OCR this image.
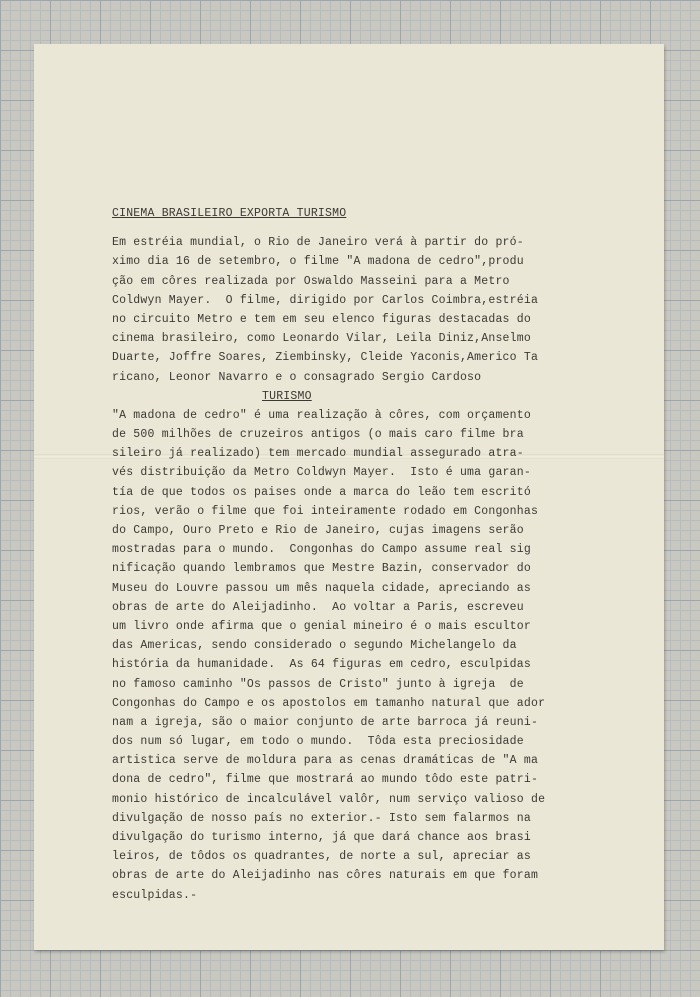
CINEMA BRASILEIRO EXPORTA TURISMO
Em estréia mundial, o Rio de Janeiro verá à partir do pró-
ximo dia 16 de setembro, o filme "A madona de cedro",produ
ção em côres realizada por Oswaldo Masseini para a Metro
Coldwyn Mayer.  O filme, dirigido por Carlos Coimbra,estréia
no circuito Metro e tem em seu elenco figuras destacadas do
cinema brasileiro, como Leonardo Vilar, Leila Diniz,Anselmo
Duarte, Joffre Soares, Ziembinsky, Cleide Yaconis,Americo Ta
ricano, Leonor Navarro e o consagrado Sergio Cardoso
TURISMO
"A madona de cedro" é uma realização à côres, com orçamento
de 500 milhões de cruzeiros antigos (o mais caro filme bra
sileiro já realizado) tem mercado mundial assegurado atra-
vés distribuição da Metro Coldwyn Mayer.  Isto é uma garan-
tía de que todos os paises onde a marca do leão tem escritó
rios, verão o filme que foi inteiramente rodado em Congonhas
do Campo, Ouro Preto e Rio de Janeiro, cujas imagens serão
mostradas para o mundo.  Congonhas do Campo assume real sig
nificação quando lembramos que Mestre Bazin, conservador do
Museu do Louvre passou um mês naquela cidade, apreciando as
obras de arte do Aleijadinho.  Ao voltar a Paris, escreveu
um livro onde afirma que o genial mineiro é o mais escultor
das Americas, sendo considerado o segundo Michelangelo da
história da humanidade.  As 64 figuras em cedro, esculpidas
no famoso caminho "Os passos de Cristo" junto à igreja  de
Congonhas do Campo e os apostolos em tamanho natural que ador
nam a igreja, são o maior conjunto de arte barroca já reuni-
dos num só lugar, em todo o mundo.  Tôda esta preciosidade
artistica serve de moldura para as cenas dramáticas de "A ma
dona de cedro", filme que mostrará ao mundo tôdo este patri-
monio histórico de incalculável valôr, num serviço valioso de
divulgação de nosso país no exterior.- Isto sem falarmos na
divulgação do turismo interno, já que dará chance aos brasi
leiros, de tôdos os quadrantes, de norte a sul, apreciar as
obras de arte do Aleijadinho nas côres naturais em que foram
esculpidas.-
